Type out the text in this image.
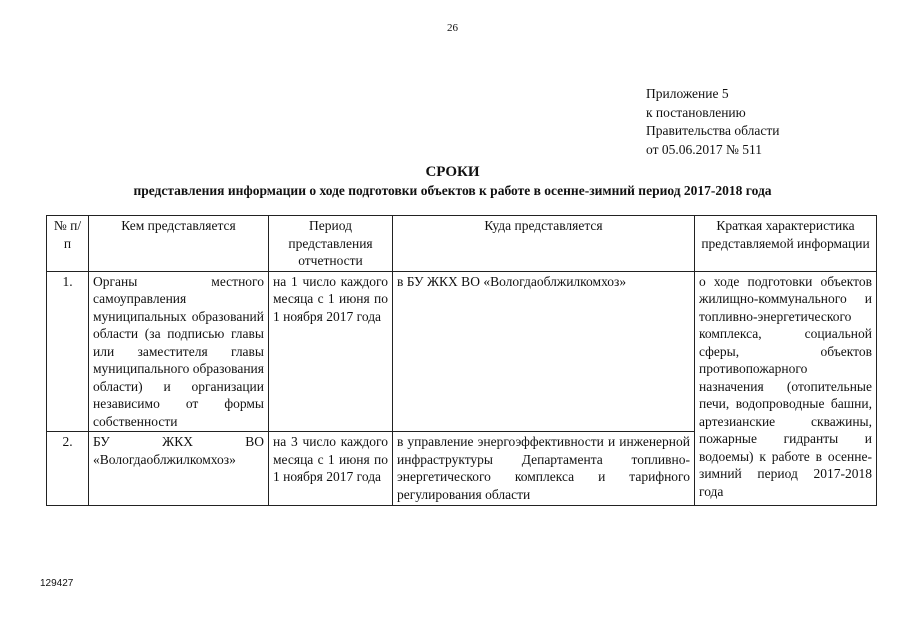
26
Приложение 5
к постановлению
Правительства области
от 05.06.2017 № 511
СРОКИ
представления информации о ходе подготовки объектов к работе в осенне-зимний период 2017-2018 года
№ п/п	Кем представляется	Период представления отчетности	Куда представляется	Краткая характеристика представляемой информации
1.	Органы местного самоуправления муниципальных образований области (за подписью главы или заместителя главы муниципального образования области) и организации независимо от формы собственности	на 1 число каждого месяца с 1 июня по 1 ноября 2017 года	в БУ ЖКХ ВО «Вологдаоблжилкомхоз»	о ходе подготовки объектов жилищно-коммунального и топливно-энергетического комплекса, социальной сферы, объектов противопожарного назначения (отопительные печи, водопроводные башни, артезианские скважины, пожарные гидранты и водоемы) к работе в осенне-зимний период 2017-2018 года
2.	БУ ЖКХ ВО «Вологдаоблжилкомхоз»	на 3 число каждого месяца с 1 июня по 1 ноября 2017 года	в управление энергоэффективности и инженерной инфраструктуры Департамента топливно-энергетического комплекса и тарифного регулирования области	
129427
